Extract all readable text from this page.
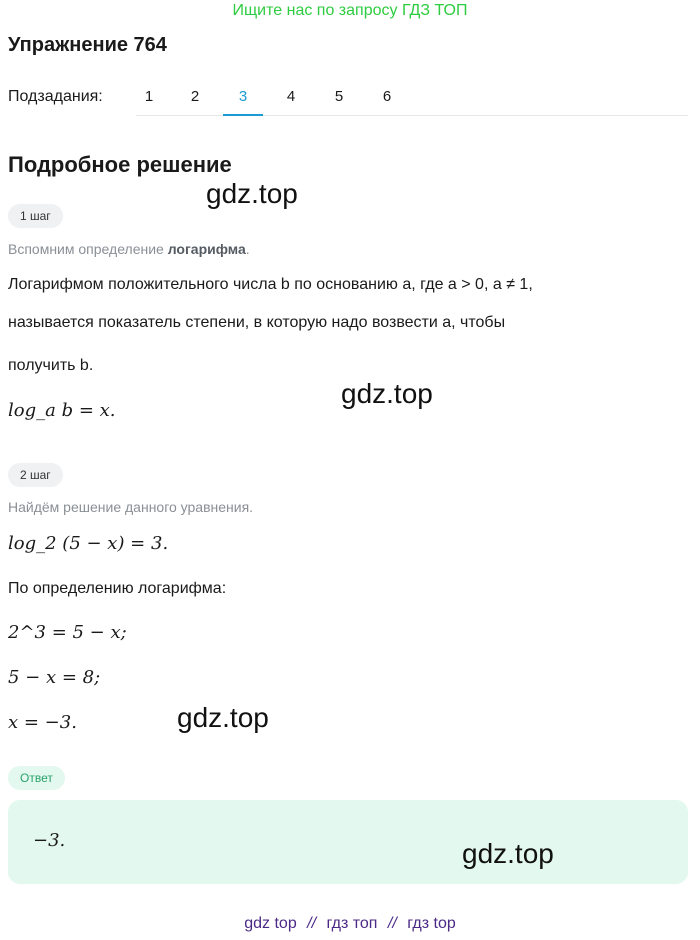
Ищите нас по запросу ГДЗ ТОП
Упражнение 764
Подзадания:	1	2	3	4	5	6
Подробное решение
1 шаг
Вспомним определение логарифма.
Логарифмом положительного числа b по основанию a, где a > 0, a ≠ 1,
называется показатель степени, в которую надо возвести a, чтобы
получить b.
log_a b = x.
2 шаг
Найдём решение данного уравнения.
log_2 (5 − x) = 3.
По определению логарифма:
2^3 = 5 − x;
5 − x = 8;
x = −3.
Ответ
−3.
gdz.top
gdz.top
gdz.top
gdz.top
gdz top // гдз топ // гдз top
